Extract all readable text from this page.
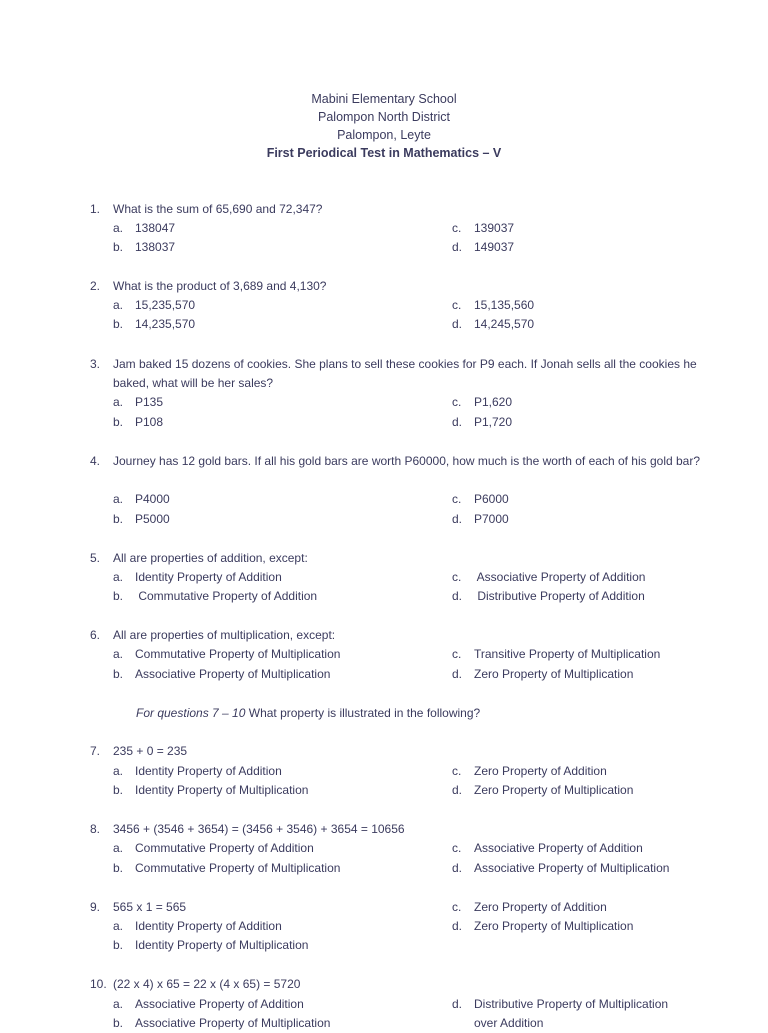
Mabini Elementary School
Palompon North District
Palompon, Leyte
First Periodical Test in Mathematics – V
1. What is the sum of 65,690 and 72,347?
a. 138047
b. 138037
c. 139037
d. 149037
2. What is the product of 3,689 and 4,130?
a. 15,235,570
b. 14,235,570
c. 15,135,560
d. 14,245,570
3. Jam baked 15 dozens of cookies. She plans to sell these cookies for P9 each. If Jonah sells all the cookies he baked, what will be her sales?
a. P135
b. P108
c. P1,620
d. P1,720
4. Journey has 12 gold bars. If all his gold bars are worth P60000, how much is the worth of each of his gold bar?
a. P4000
b. P5000
c. P6000
d. P7000
5. All are properties of addition, except:
a. Identity Property of Addition
b. Commutative Property of Addition
c. Associative Property of Addition
d. Distributive Property of Addition
6. All are properties of multiplication, except:
a. Commutative Property of Multiplication
b. Associative Property of Multiplication
c. Transitive Property of Multiplication
d. Zero Property of Multiplication
For questions 7 – 10 What property is illustrated in the following?
7. 235 + 0 = 235
a. Identity Property of Addition
b. Identity Property of Multiplication
c. Zero Property of Addition
d. Zero Property of Multiplication
8. 3456 + (3546 + 3654) = (3456 + 3546) + 3654 = 10656
a. Commutative Property of Addition
b. Commutative Property of Multiplication
c. Associative Property of Addition
d. Associative Property of Multiplication
9. 565 x 1 = 565
a. Identity Property of Addition
b. Identity Property of Multiplication
c. Zero Property of Addition
d. Zero Property of Multiplication
10. (22 x 4) x 65 = 22 x (4 x 65) = 5720
a. Associative Property of Addition
b. Associative Property of Multiplication
d. Distributive Property of Multiplication
over Addition
